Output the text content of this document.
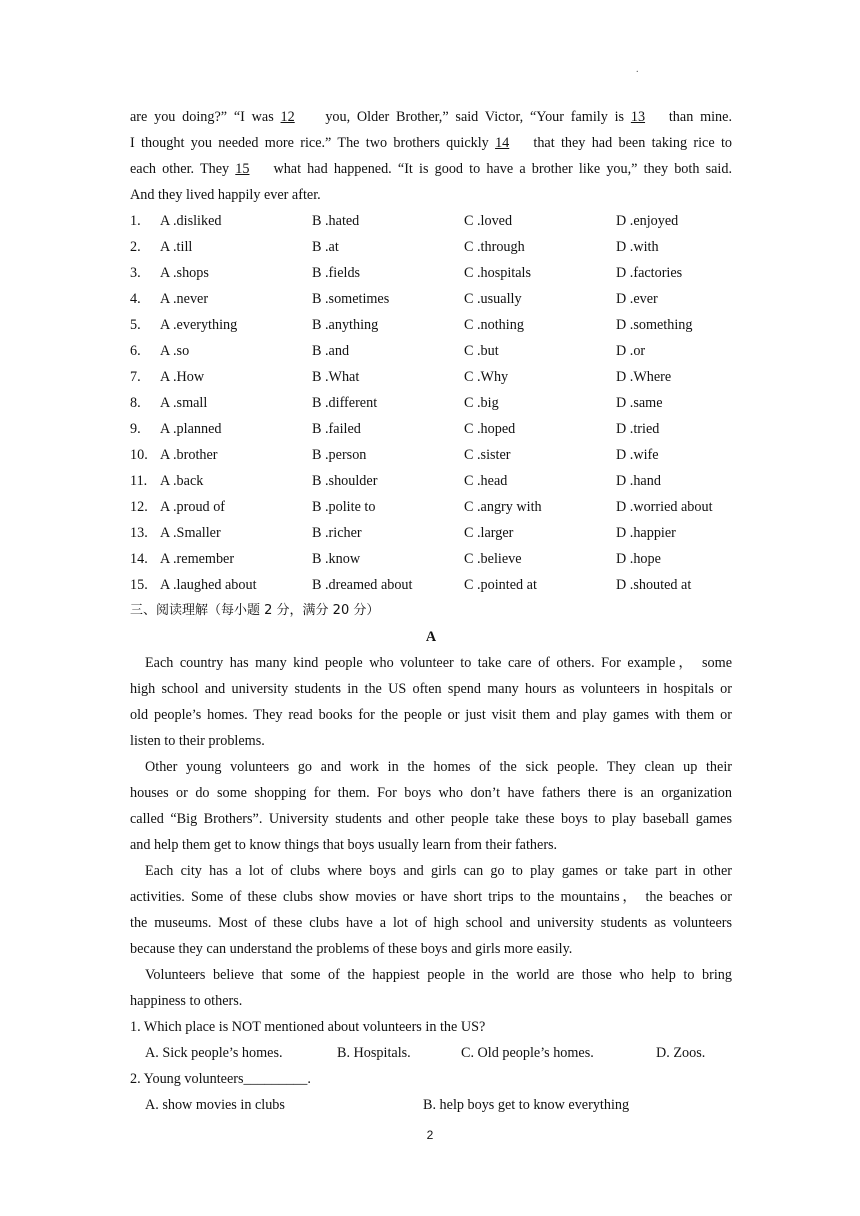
.
are you doing?” “I was 12 you, Older Brother,” said Victor, “Your family is 13 than mine.
I thought you needed more rice.” The two brothers quickly 14 that they had been taking rice to
each other. They 15 what had happened. “It is good to have a brother like you,” they both said.
And they lived happily ever after.
1.	A .disliked	B .hated	C .loved	D .enjoyed
2.	A .till	B .at	C .through	D .with
3.	A .shops	B .fields	C .hospitals	D .factories
4.	A .never	B .sometimes	C .usually	D .ever
5.	A .everything	B .anything	C .nothing	D .something
6.	A .so	B .and	C .but	D .or
7.	A .How	B .What	C .Why	D .Where
8.	A .small	B .different	C .big	D .same
9.	A .planned	B .failed	C .hoped	D .tried
10. A .brother	B .person	C .sister	D .wife
11. A .back	B .shoulder	C .head	D .hand
12. A .proud of	B .polite to	C .angry with	D .worried about
13. A .Smaller	B .richer	C .larger	D .happier
14. A .remember	B .know	C .believe	D .hope
15. A .laughed about	B .dreamed about	C .pointed at	D .shouted at
三、阅读理解（每小题 2 分，满分 20 分）
A
Each country has many kind people who volunteer to take care of others. For example， some
high school and university students in the US often spend many hours as volunteers in hospitals or
old people’s homes. They read books for the people or just visit them and play games with them or
listen to their problems.
Other young volunteers go and work in the homes of the sick people. They clean up their
houses or do some shopping for them. For boys who don’t have fathers there is an organization
called “Big Brothers”. University students and other people take these boys to play baseball games
and help them get to know things that boys usually learn from their fathers.
Each city has a lot of clubs where boys and girls can go to play games or take part in other
activities. Some of these clubs show movies or have short trips to the mountains， the beaches or
the museums. Most of these clubs have a lot of high school and university students as volunteers
because they can understand the problems of these boys and girls more easily.
Volunteers believe that some of the happiest people in the world are those who help to bring
happiness to others.
1. Which place is NOT mentioned about volunteers in the US?
A. Sick people’s homes.	B. Hospitals.	C. Old people’s homes.	D. Zoos.
2. Young volunteers_________.
A. show movies in clubs	B. help boys get to know everything
2
